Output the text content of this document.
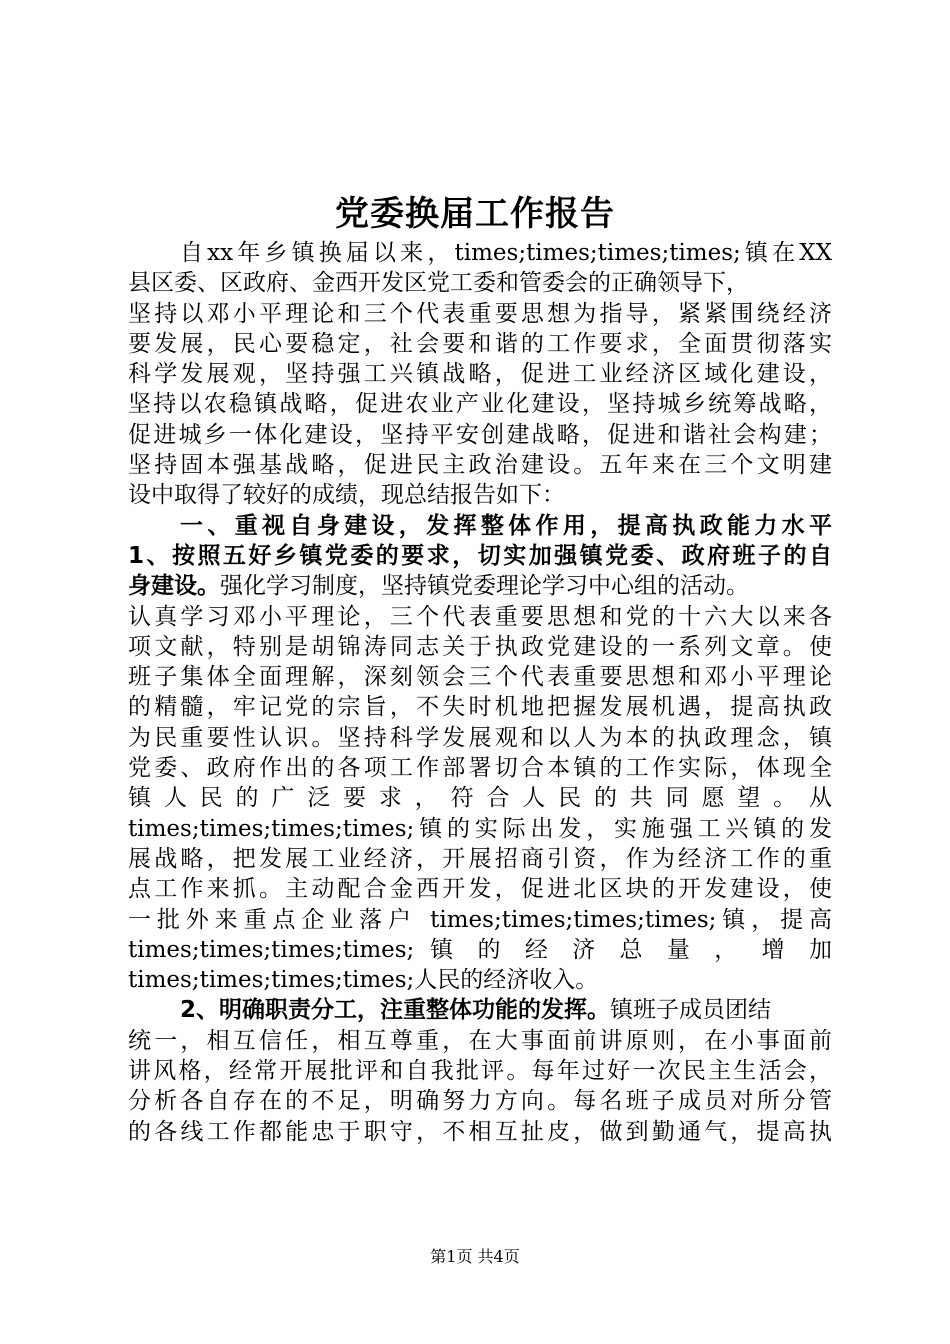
党委换届工作报告
自xx年乡镇换届以来，times;times;times;times;镇在XX
县区委、区政府、金西开发区党工委和管委会的正确领导下，
坚持以邓小平理论和三个代表重要思想为指导，紧紧围绕经济
要发展，民心要稳定，社会要和谐的工作要求，全面贯彻落实
科学发展观，坚持强工兴镇战略，促进工业经济区域化建设，
坚持以农稳镇战略，促进农业产业化建设，坚持城乡统筹战略，
促进城乡一体化建设，坚持平安创建战略，促进和谐社会构建；
坚持固本强基战略，促进民主政治建设。五年来在三个文明建
设中取得了较好的成绩，现总结报告如下：
一、重视自身建设，发挥整体作用，提高执政能力水平
1、按照五好乡镇党委的要求，切实加强镇党委、政府班子的自
身建设。强化学习制度，坚持镇党委理论学习中心组的活动。
认真学习邓小平理论，三个代表重要思想和党的十六大以来各
项文献，特别是胡锦涛同志关于执政党建设的一系列文章。使
班子集体全面理解，深刻领会三个代表重要思想和邓小平理论
的精髓，牢记党的宗旨，不失时机地把握发展机遇，提高执政
为民重要性认识。坚持科学发展观和以人为本的执政理念，镇
党委、政府作出的各项工作部署切合本镇的工作实际，体现全
镇 人 民 的 广 泛 要 求 ， 符 合 人 民 的 共 同 愿 望 。 从
times;times;times;times;镇的实际出发，实施强工兴镇的发
展战略，把发展工业经济，开展招商引资，作为经济工作的重
点工作来抓。主动配合金西开发，促进北区块的开发建设，使
一批外来重点企业落户 times;times;times;times;镇，提高
times;times;times;times; 镇 的 经 济 总 量 ， 增 加
times;times;times;times;人民的经济收入。
2、明确职责分工，注重整体功能的发挥。镇班子成员团结
统一，相互信任，相互尊重，在大事面前讲原则，在小事面前
讲风格，经常开展批评和自我批评。每年过好一次民主生活会，
分析各自存在的不足，明确努力方向。每名班子成员对所分管
的各线工作都能忠于职守，不相互扯皮，做到勤通气，提高执
第1页 共4页
